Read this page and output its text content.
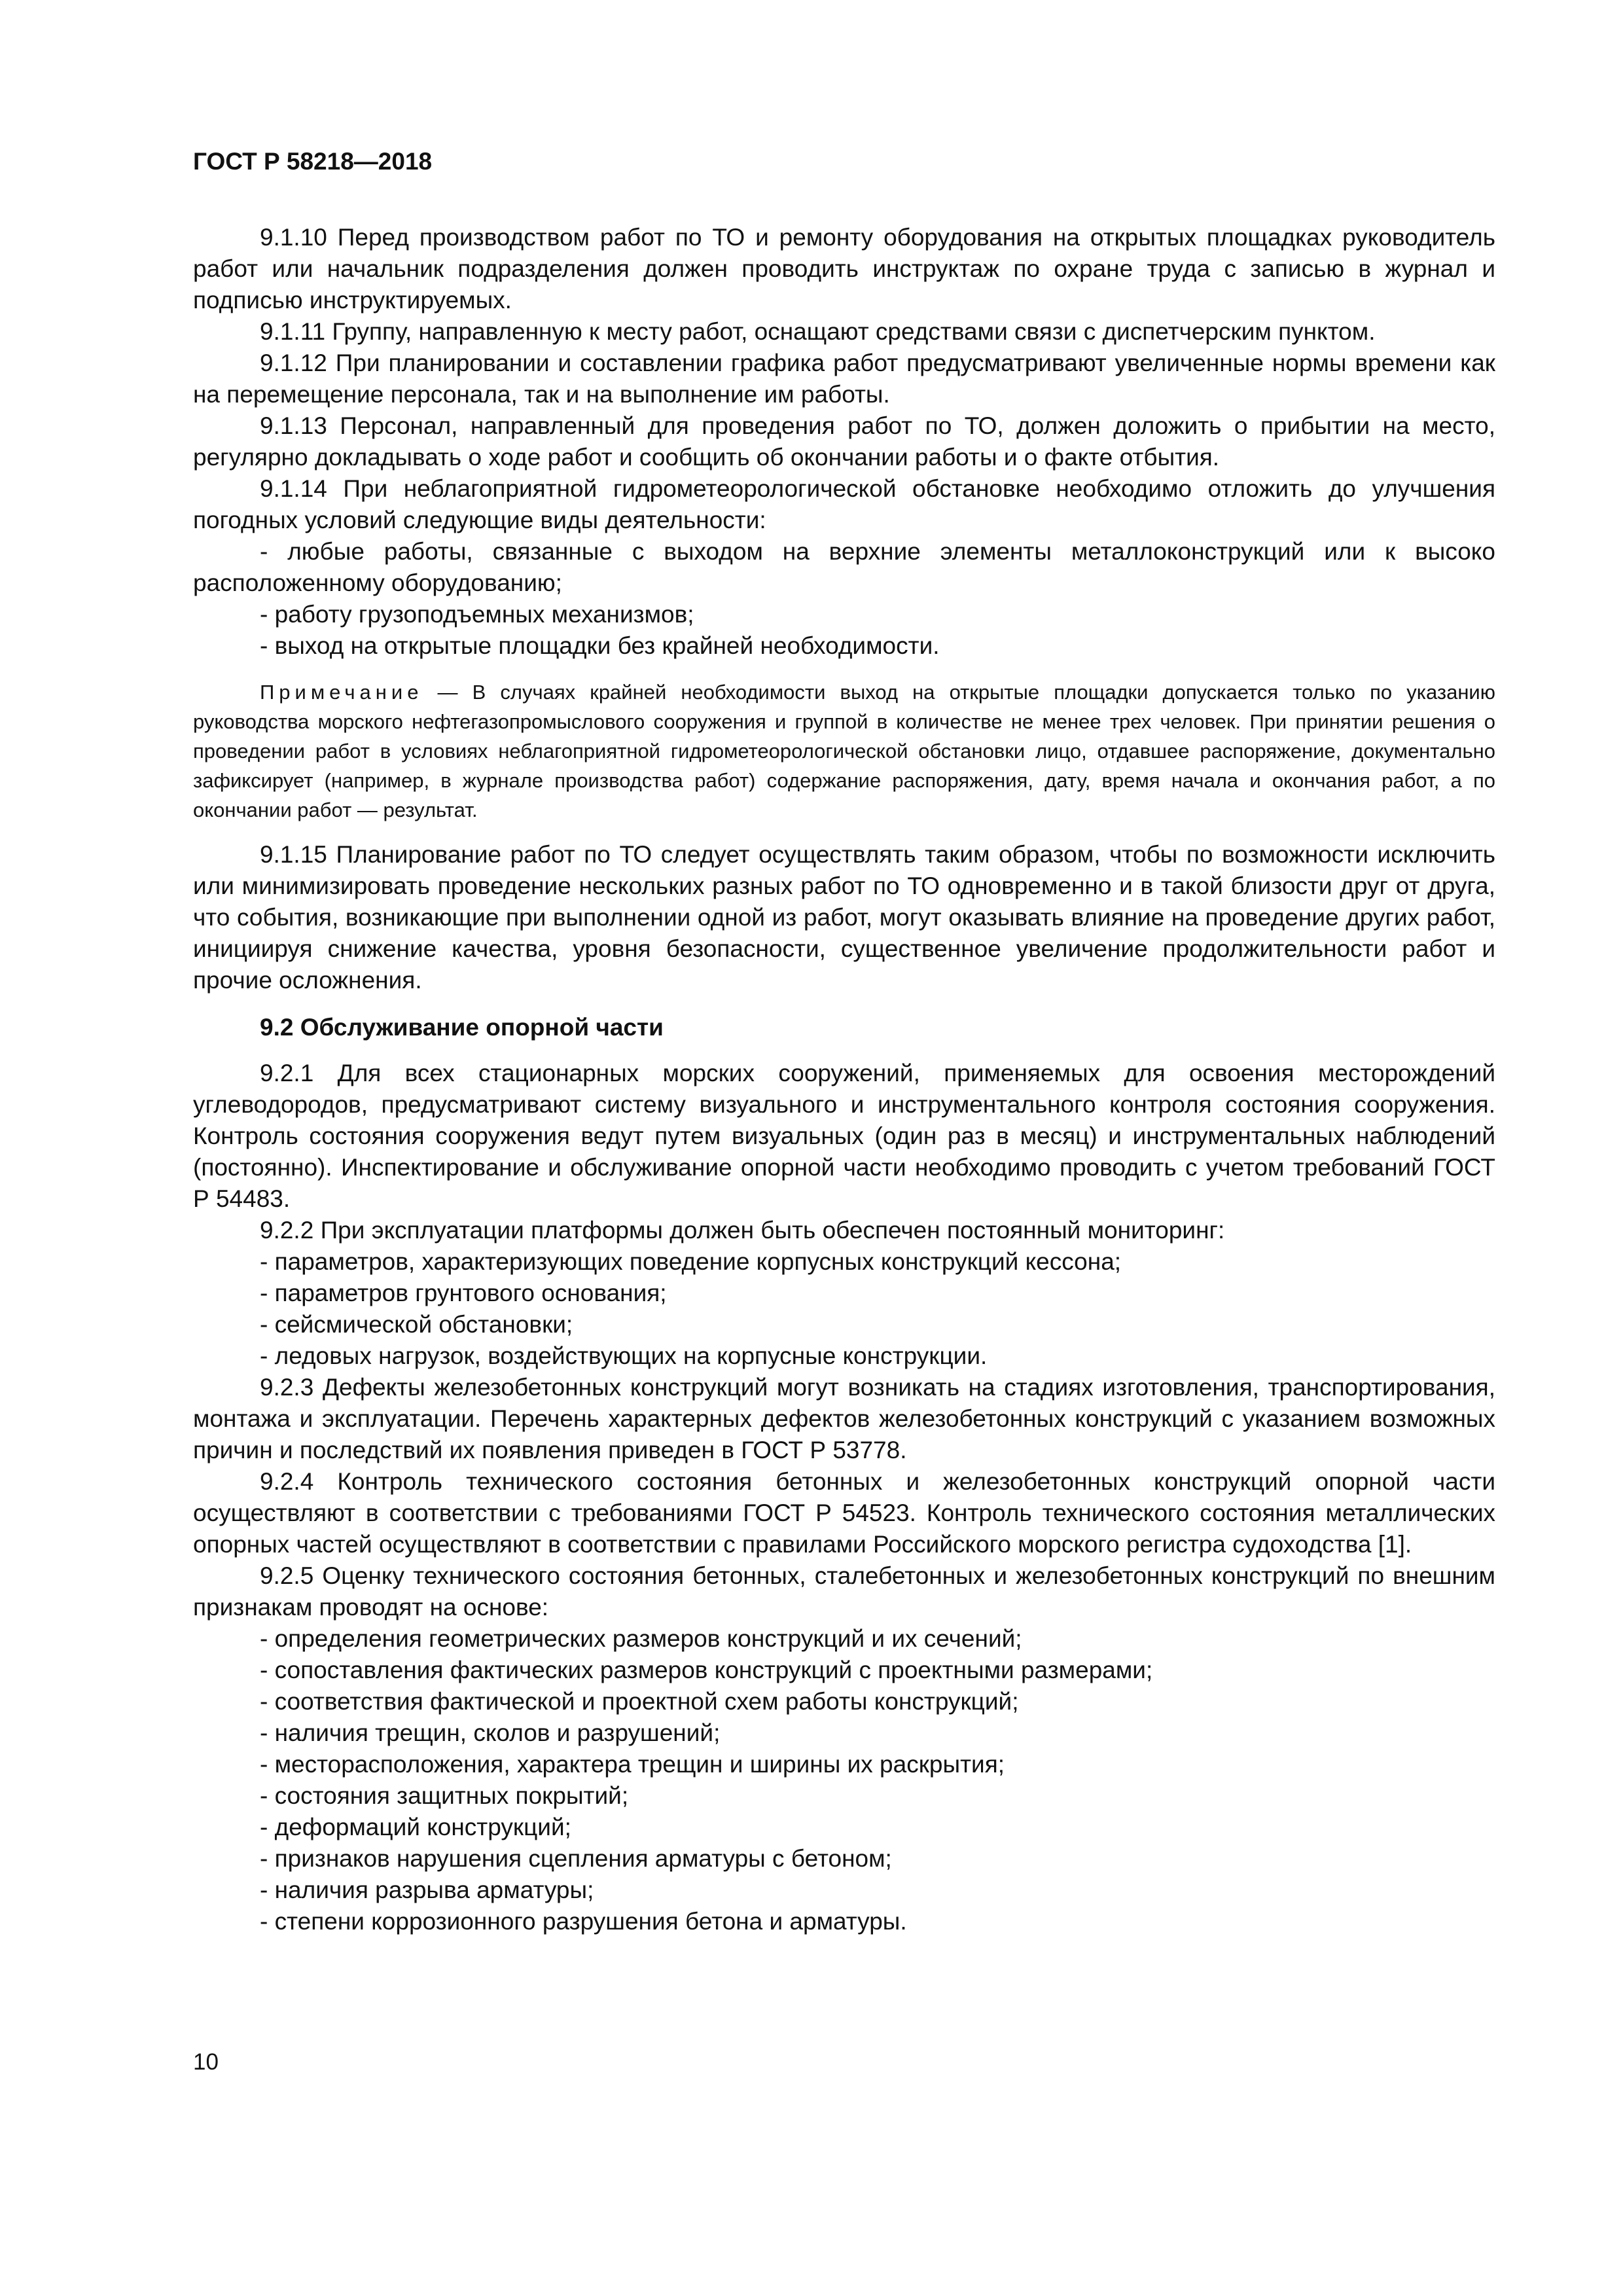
ГОСТ Р 58218—2018

9.1.10 Перед производством работ по ТО и ремонту оборудования на открытых площадках руководитель работ или начальник подразделения должен проводить инструктаж по охране труда с записью в журнал и подписью инструктируемых.

9.1.11 Группу, направленную к месту работ, оснащают средствами связи с диспетчерским пунктом.

9.1.12 При планировании и составлении графика работ предусматривают увеличенные нормы времени как на перемещение персонала, так и на выполнение им работы.

9.1.13 Персонал, направленный для проведения работ по ТО, должен доложить о прибытии на место, регулярно докладывать о ходе работ и сообщить об окончании работы и о факте отбытия.

9.1.14 При неблагоприятной гидрометеорологической обстановке необходимо отложить до улучшения погодных условий следующие виды деятельности:

- любые работы, связанные с выходом на верхние элементы металлоконструкций или к высоко расположенному оборудованию;

- работу грузоподъемных механизмов;

- выход на открытые площадки без крайней необходимости.

Примечание — В случаях крайней необходимости выход на открытые площадки допускается только по указанию руководства морского нефтегазопромыслового сооружения и группой в количестве не менее трех человек. При принятии решения о проведении работ в условиях неблагоприятной гидрометеорологической обстановки лицо, отдавшее распоряжение, документально зафиксирует (например, в журнале производства работ) содержание распоряжения, дату, время начала и окончания работ, а по окончании работ — результат.

9.1.15 Планирование работ по ТО следует осуществлять таким образом, чтобы по возможности исключить или минимизировать проведение нескольких разных работ по ТО одновременно и в такой близости друг от друга, что события, возникающие при выполнении одной из работ, могут оказывать влияние на проведение других работ, инициируя снижение качества, уровня безопасности, существенное увеличение продолжительности работ и прочие осложнения.

9.2 Обслуживание опорной части

9.2.1 Для всех стационарных морских сооружений, применяемых для освоения месторождений углеводородов, предусматривают систему визуального и инструментального контроля состояния сооружения. Контроль состояния сооружения ведут путем визуальных (один раз в месяц) и инструментальных наблюдений (постоянно). Инспектирование и обслуживание опорной части необходимо проводить с учетом требований ГОСТ Р 54483.

9.2.2 При эксплуатации платформы должен быть обеспечен постоянный мониторинг:

- параметров, характеризующих поведение корпусных конструкций кессона;

- параметров грунтового основания;

- сейсмической обстановки;

- ледовых нагрузок, воздействующих на корпусные конструкции.

9.2.3 Дефекты железобетонных конструкций могут возникать на стадиях изготовления, транспортирования, монтажа и эксплуатации. Перечень характерных дефектов железобетонных конструкций с указанием возможных причин и последствий их появления приведен в ГОСТ Р 53778.

9.2.4 Контроль технического состояния бетонных и железобетонных конструкций опорной части осуществляют в соответствии с требованиями ГОСТ Р 54523. Контроль технического состояния металлических опорных частей осуществляют в соответствии с правилами Российского морского регистра судоходства [1].

9.2.5 Оценку технического состояния бетонных, сталебетонных и железобетонных конструкций по внешним признакам проводят на основе:

- определения геометрических размеров конструкций и их сечений;

- сопоставления фактических размеров конструкций с проектными размерами;

- соответствия фактической и проектной схем работы конструкций;

- наличия трещин, сколов и разрушений;

- месторасположения, характера трещин и ширины их раскрытия;

- состояния защитных покрытий;

- деформаций конструкций;

- признаков нарушения сцепления арматуры с бетоном;

- наличия разрыва арматуры;

- степени коррозионного разрушения бетона и арматуры.

10
